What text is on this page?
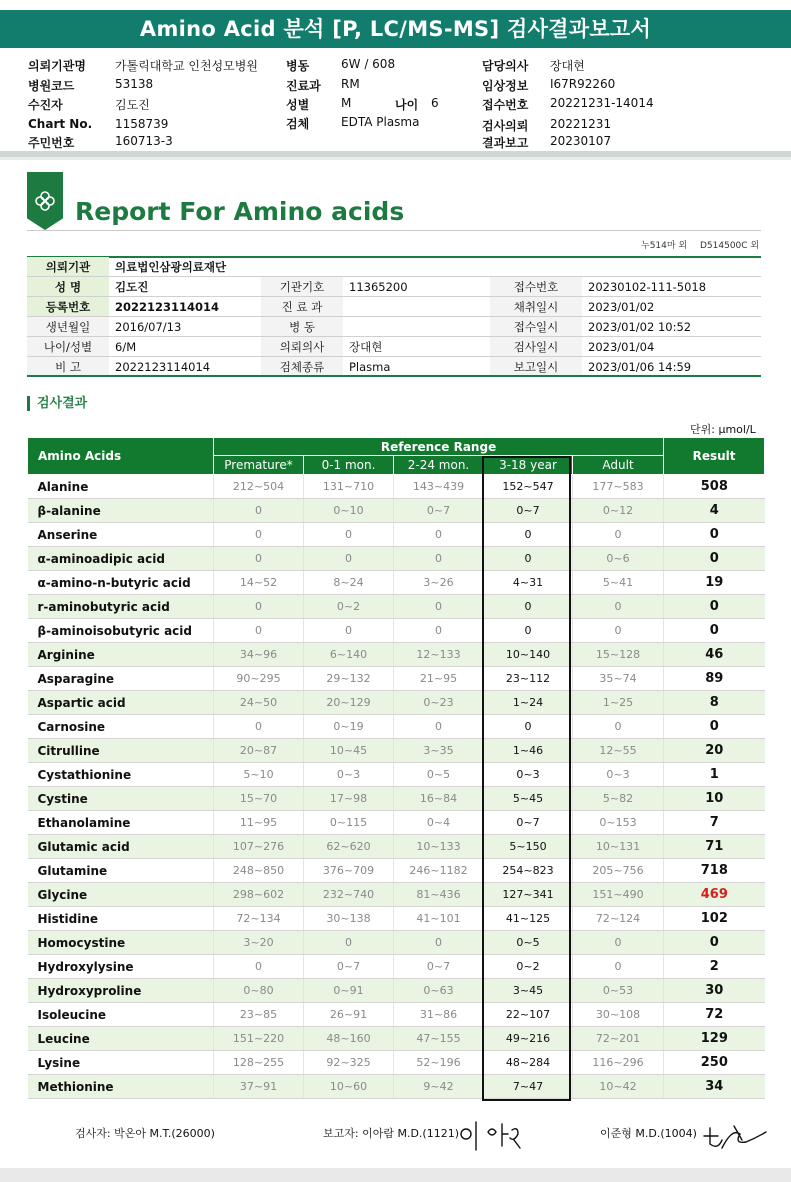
Amino Acid 분석 [P, LC/MS-MS] 검사결과보고서
의뢰기관명 가톨릭대학교 인천성모병원
병원코드	53138
수진자	김도진
Chart No. 1158739
주민번호	160713-3
병동	6W / 608
진료과 RM
성별	M	나이 6
검체	EDTA Plasma
담당의사 장대현
임상정보 I67R92260
접수번호 20221231-14014
검사의뢰 20221231
결과보고 20230107
Report For Amino acids
누514마 외 D514500C 외
의뢰기관	의료법인삼광의료재단				
성 명	김도진	기관기호	11365200	접수번호	20230102-111-5018
등록번호	2022123114014	진 료 과		채취일시	2023/01/02
생년월일	2016/07/13	병 동		접수일시	2023/01/02 10:52
나이/성별	6/M	의뢰의사	장대현	검사일시	2023/01/04
비 고	2022123114014	검체종류	Plasma	보고일시	2023/01/06 14:59
검사결과
단위: μmol/L
Amino Acids	Reference Range					Result
	Premature*	0-1 mon.	2-24 mon.	3-18 year	Adult	
Alanine	212~504	131~710	143~439	152~547	177~583	508
β-alanine	0	0~10	0~7	0~7	0~12	4
Anserine	0	0	0	0	0	0
α-aminoadipic acid	0	0	0	0	0~6	0
α-amino-n-butyric acid	14~52	8~24	3~26	4~31	5~41	19
r-aminobutyric acid	0	0~2	0	0	0	0
β-aminoisobutyric acid	0	0	0	0	0	0
Arginine	34~96	6~140	12~133	10~140	15~128	46
Asparagine	90~295	29~132	21~95	23~112	35~74	89
Aspartic acid	24~50	20~129	0~23	1~24	1~25	8
Carnosine	0	0~19	0	0	0	0
Citrulline	20~87	10~45	3~35	1~46	12~55	20
Cystathionine	5~10	0~3	0~5	0~3	0~3	1
Cystine	15~70	17~98	16~84	5~45	5~82	10
Ethanolamine	11~95	0~115	0~4	0~7	0~153	7
Glutamic acid	107~276	62~620	10~133	5~150	10~131	71
Glutamine	248~850	376~709	246~1182	254~823	205~756	718
Glycine	298~602	232~740	81~436	127~341	151~490	469
Histidine	72~134	30~138	41~101	41~125	72~124	102
Homocystine	3~20	0	0	0~5	0	0
Hydroxylysine	0	0~7	0~7	0~2	0	2
Hydroxyproline	0~80	0~91	0~63	3~45	0~53	30
Isoleucine	23~85	26~91	31~86	22~107	30~108	72
Leucine	151~220	48~160	47~155	49~216	72~201	129
Lysine	128~255	92~325	52~196	48~284	116~296	250
Methionine	37~91	10~60	9~42	7~47	10~42	34
검사자: 박온아 M.T.(26000)	보고자: 이아람 M.D.(1121)	이준형 M.D.(1004)
